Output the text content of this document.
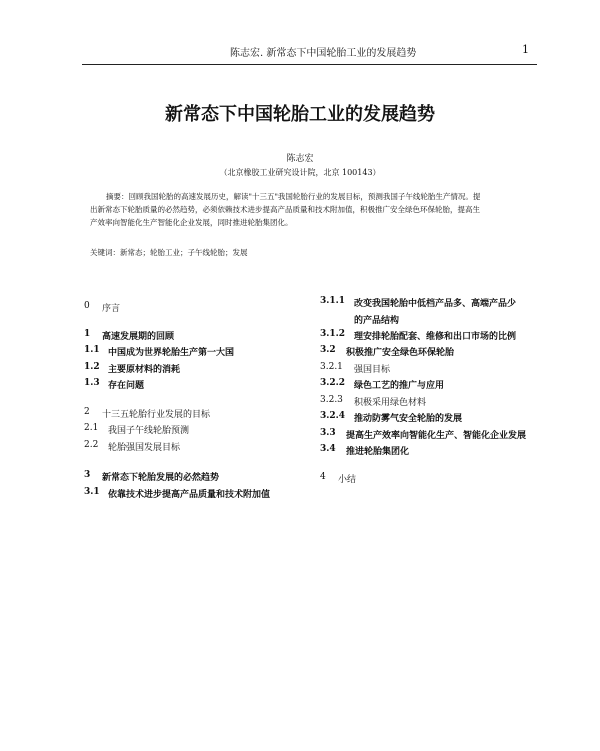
陈志宏. 新常态下中国轮胎工业的发展趋势	1
新常态下中国轮胎工业的发展趋势
陈志宏
（北京橡胶工业研究设计院，北京 100143）
摘要：回顾我国轮胎的高速发展历史，解读"十三五"我国轮胎行业的发展目标，预测我国子午线轮胎生产情况。提
出新常态下轮胎质量的必然趋势，必须依赖技术进步提高产品质量和技术附加值，积极推广安全绿色环保轮胎，提高生
产效率向智能化生产智能化企业发展，同时推进轮胎集团化。
关键词：新常态；轮胎工业；子午线轮胎；发展
0 序言
1 高速发展期的回顾
1.1 中国成为世界轮胎生产第一大国
1.2 主要原材料的消耗
1.3 存在问题
2 十三五轮胎行业发展的目标
2.1 我国子午线轮胎预测
2.2 轮胎强国发展目标
3 新常态下轮胎发展的必然趋势
3.1 依靠技术进步提高产品质量和技术附加值
3.1.1 改变我国轮胎中低档产品多、高端产品少
的产品结构
3.1.2 理安排轮胎配套、维修和出口市场的比例
3.2 积极推广安全绿色环保轮胎
3.2.1 强国目标
3.2.2 绿色工艺的推广与应用
3.2.3 积极采用绿色材料
3.2.4 推动防雾气安全轮胎的发展
3.3 提高生产效率向智能化生产、智能化企业发展
3.4 推进轮胎集团化
4 小结
